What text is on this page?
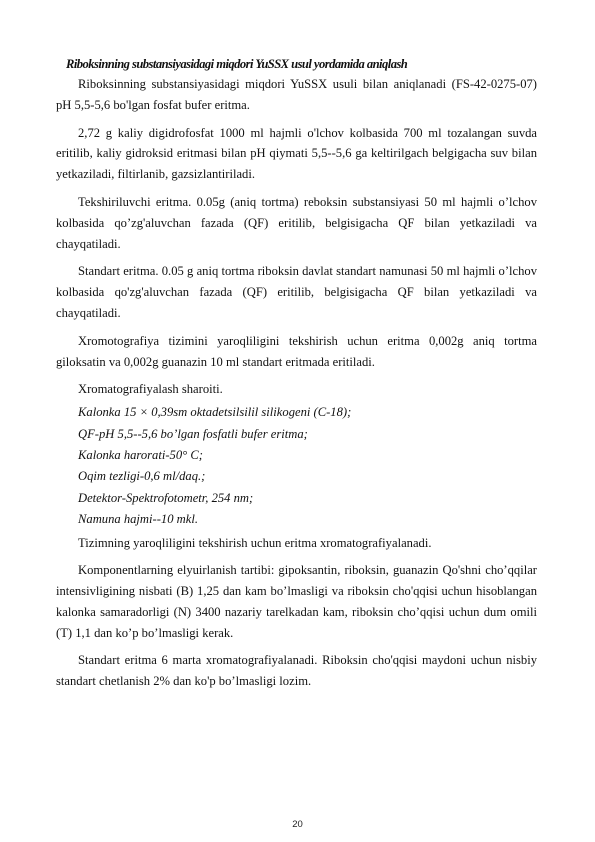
Riboksinning substansiyasidagi miqdori YuSSX usul yordamida aniqlash

Riboksinning substansiyasidagi miqdori YuSSX usuli bilan aniqlanadi (FS-42-0275-07) pH 5,5-5,6 bo'lgan fosfat bufer eritma.

2,72 g kaliy digidrofosfat 1000 ml hajmli o'lchov kolbasida 700 ml tozalangan suvda eritilib, kaliy gidroksid eritmasi bilan pH qiymati 5,5--5,6 ga keltirilgach belgigacha suv bilan yetkaziladi, filtirlanib, gazsizlantiriladi.

Tekshiriluvchi eritma. 0.05g (aniq tortma) reboksin substansiyasi 50 ml hajmli o’lchov kolbasida qo’zg'aluvchan fazada (QF) eritilib, belgisigacha QF bilan yetkaziladi va chayqatiladi.

Standart eritma. 0.05 g aniq tortma riboksin davlat standart namunasi 50 ml hajmli o’lchov kolbasida qo'zg'aluvchan fazada (QF) eritilib, belgisigacha QF bilan yetkaziladi va chayqatiladi.

Xromotografiya tizimini yaroqliligini tekshirish uchun eritma 0,002g aniq tortma giloksatin va 0,002g guanazin 10 ml standart eritmada eritiladi.

Xromatografiyalash sharoiti.
Kalonka 15 × 0,39sm oktadetsilsilil silikogeni (C-18);
QF-pH 5,5--5,6 bo’lgan fosfatli bufer eritma;
Kalonka harorati-50° C;
Oqim tezligi-0,6 ml/daq.;
Detektor-Spektrofotometr, 254 nm;
Namuna hajmi--10 mkl.
Tizimning yaroqliligini tekshirish uchun eritma xromatografiyalanadi.

Komponentlarning elyuirlanish tartibi: gipoksantin, riboksin, guanazin Qo'shni cho’qqilar intensivligining nisbati (B) 1,25 dan kam bo’lmasligi va riboksin cho'qqisi uchun hisoblangan kalonka samaradorligi (N) 3400 nazariy tarelkadan kam, riboksin cho’qqisi uchun dum omili (T) 1,1 dan ko’p bo’lmasligi kerak.

Standart eritma 6 marta xromatografiyalanadi. Riboksin cho'qqisi maydoni uchun nisbiy standart chetlanish 2% dan ko'p bo’lmasligi lozim.

20
